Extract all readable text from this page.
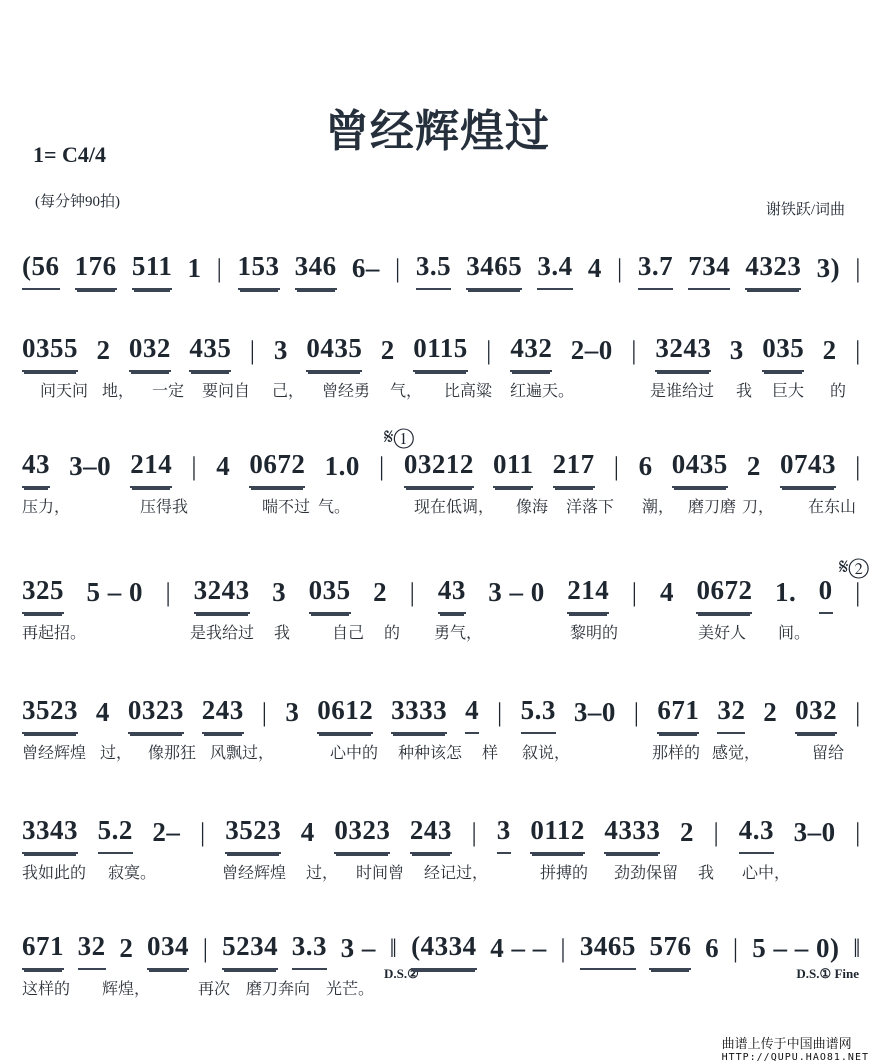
曾经辉煌过
1= C4/4
(每分钟90拍)	谢铁跃/词曲
(56 176 511 1 | 153 346 6– | 3.5 3465 3.4 4 | 3.7 734 4323 3) |
0355 2 032 435 | 3 0435 2 0115 | 432 2–0 | 3243 3 035 2 |
问天问 地， 一定 要问自 己， 曾经勇 气， 比高粱 红遍天。	是谁给过 我 巨大 的
𝄋①
43 3–0 214 | 4 0672 1.0 | 03212 011 217 | 6 0435 2 0743 |
压力，	压得我	喘不过 气。	现在低调， 像海 洋落下 潮， 磨刀磨 刀， 在东山
𝄋②
325 5 – 0 | 3243 3 035 2 | 43 3 – 0 214 | 4 0672 1. 0 |
再起招。	是我给过 我	自己 的 勇气，	黎明的	美好人 间。
3523 4 0323 243 | 3 0612 3333 4 | 5.3 3–0 | 671 32 2 032 |
曾经辉煌 过， 像那狂 风飘过，	心中的 种种该怎 样 叙说，	那样的 感觉，	留给
3343 5.2 2– | 3523 4 0323 243 | 3 0112 4333 2 | 4.3 3–0 |
我如此的 寂寞。	曾经辉煌 过， 时间曾 经记过，	拼搏的 劲劲保留 我 心中，
D.S.②	D.S.① Fine
671 32 2 034 | 5234 3.3 3 – ‖ (4334 4 – – | 3465 576 6 | 5 – – 0) ‖
这样的 辉煌，	再次 磨刀奔向 光芒。
曲谱上传于中国曲谱网
HTTP://QUPU.HAO81.NET
